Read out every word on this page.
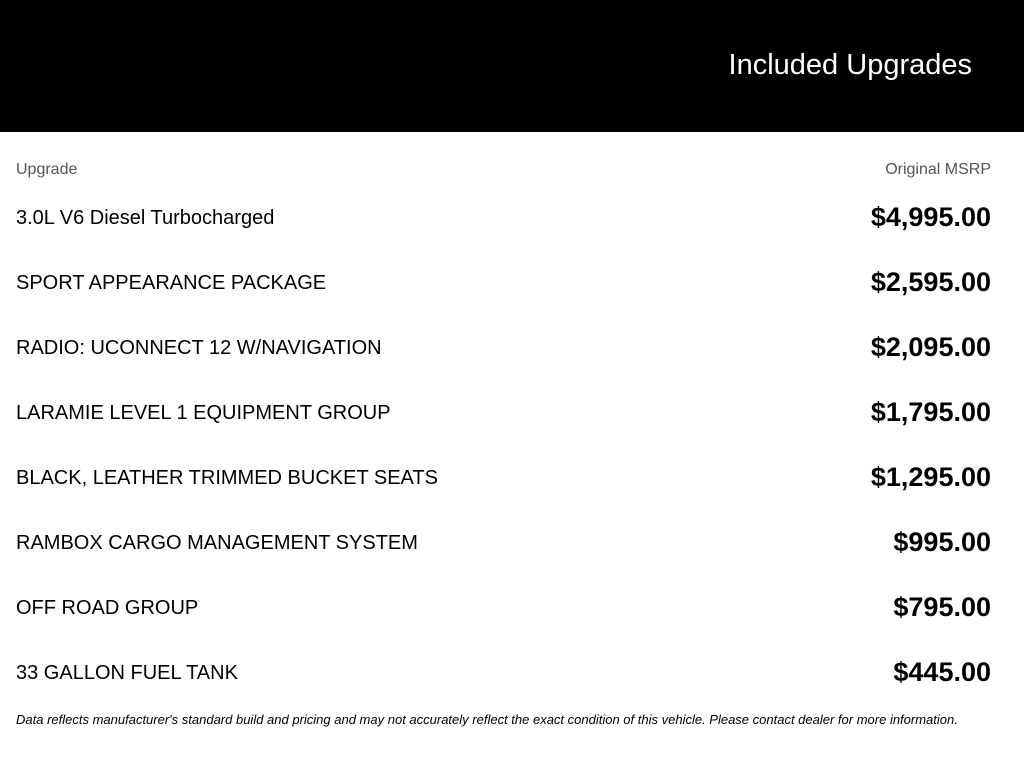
Included Upgrades
Upgrade	Original MSRP
3.0L V6 Diesel Turbocharged	$4,995.00
SPORT APPEARANCE PACKAGE	$2,595.00
RADIO: UCONNECT 12 W/NAVIGATION	$2,095.00
LARAMIE LEVEL 1 EQUIPMENT GROUP	$1,795.00
BLACK, LEATHER TRIMMED BUCKET SEATS	$1,295.00
RAMBOX CARGO MANAGEMENT SYSTEM	$995.00
OFF ROAD GROUP	$795.00
33 GALLON FUEL TANK	$445.00
Data reflects manufacturer's standard build and pricing and may not accurately reflect the exact condition of this vehicle. Please contact dealer for more information.
